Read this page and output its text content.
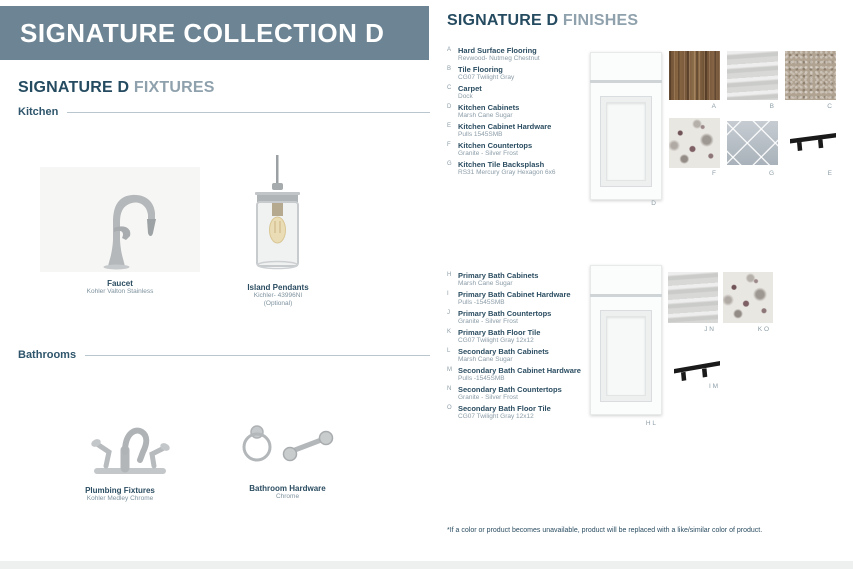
SIGNATURE COLLECTION D
SIGNATURE D FIXTURES
Kitchen
Faucet
Kohler Valton Stainless	Island Pendants
Kichler- 43996NI
(Optional)
Bathrooms
Plumbing Fixtures
Kohler Medley Chrome
Bathroom Hardware
Chrome
SIGNATURE D FINISHES
A Hard Surface Flooring
Revwood- Nutmeg Chestnut
B Tile Flooring
CG07 Twilight Gray
C Carpet
Dock
D Kitchen Cabinets
Marsh Cane Sugar
E Kitchen Cabinet Hardware
Pulls 1545SMB
F Kitchen Countertops
Granite - Silver Frost
G Kitchen Tile Backsplash
RS31 Mercury Gray Hexagon 6x6
H Primary Bath Cabinets
Marsh Cane Sugar
I	Primary Bath Cabinet Hardware
Pulls -1545SMB
J	Primary Bath Countertops
Granite - Silver Frost
K Primary Bath Floor Tile
CG07 Twilight Gray 12x12
L	Secondary Bath Cabinets
Marsh Cane Sugar
M Secondary Bath Cabinet Hardware
Pulls -1545SMB
N Secondary Bath Countertops
Granite - Silver Frost
O Secondary Bath Floor Tile
CG07 Twilight Gray 12x12
D
A	B	C
F	G	E
H L
J N	K O
I M
*If a color or product becomes unavailable, product will be replaced with a like/similar color of product.
